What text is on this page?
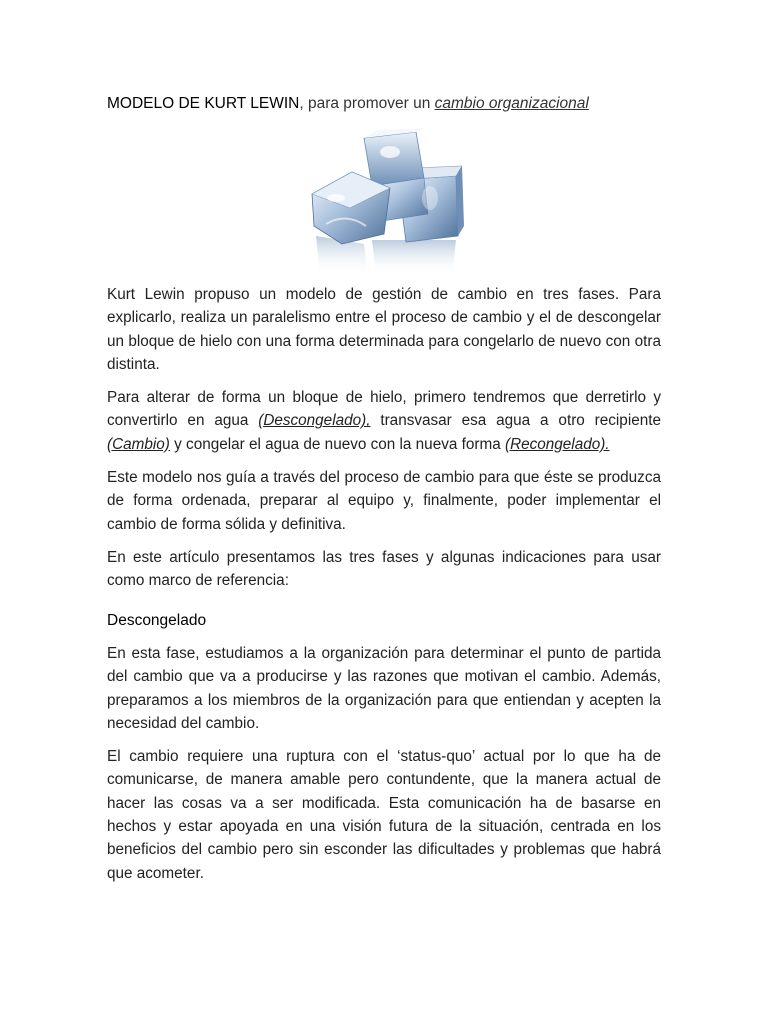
MODELO DE KURT LEWIN, para promover un cambio organizacional

Kurt Lewin propuso un modelo de gestión de cambio en tres fases. Para explicarlo, realiza un paralelismo entre el proceso de cambio y el de descongelar un bloque de hielo con una forma determinada para congelarlo de nuevo con otra distinta.

Para alterar de forma un bloque de hielo, primero tendremos que derretirlo y convertirlo en agua (Descongelado), transvasar esa agua a otro recipiente (Cambio) y congelar el agua de nuevo con la nueva forma (Recongelado).

Este modelo nos guía a través del proceso de cambio para que éste se produzca de forma ordenada, preparar al equipo y, finalmente, poder implementar el cambio de forma sólida y definitiva.

En este artículo presentamos las tres fases y algunas indicaciones para usar como marco de referencia:

Descongelado

En esta fase, estudiamos a la organización para determinar el punto de partida del cambio que va a producirse y las razones que motivan el cambio. Además, preparamos a los miembros de la organización para que entiendan y acepten la necesidad del cambio.

El cambio requiere una ruptura con el ‘status-quo’ actual por lo que ha de comunicarse, de manera amable pero contundente, que la manera actual de hacer las cosas va a ser modificada. Esta comunicación ha de basarse en hechos y estar apoyada en una visión futura de la situación, centrada en los beneficios del cambio pero sin esconder las dificultades y problemas que habrá que acometer.
